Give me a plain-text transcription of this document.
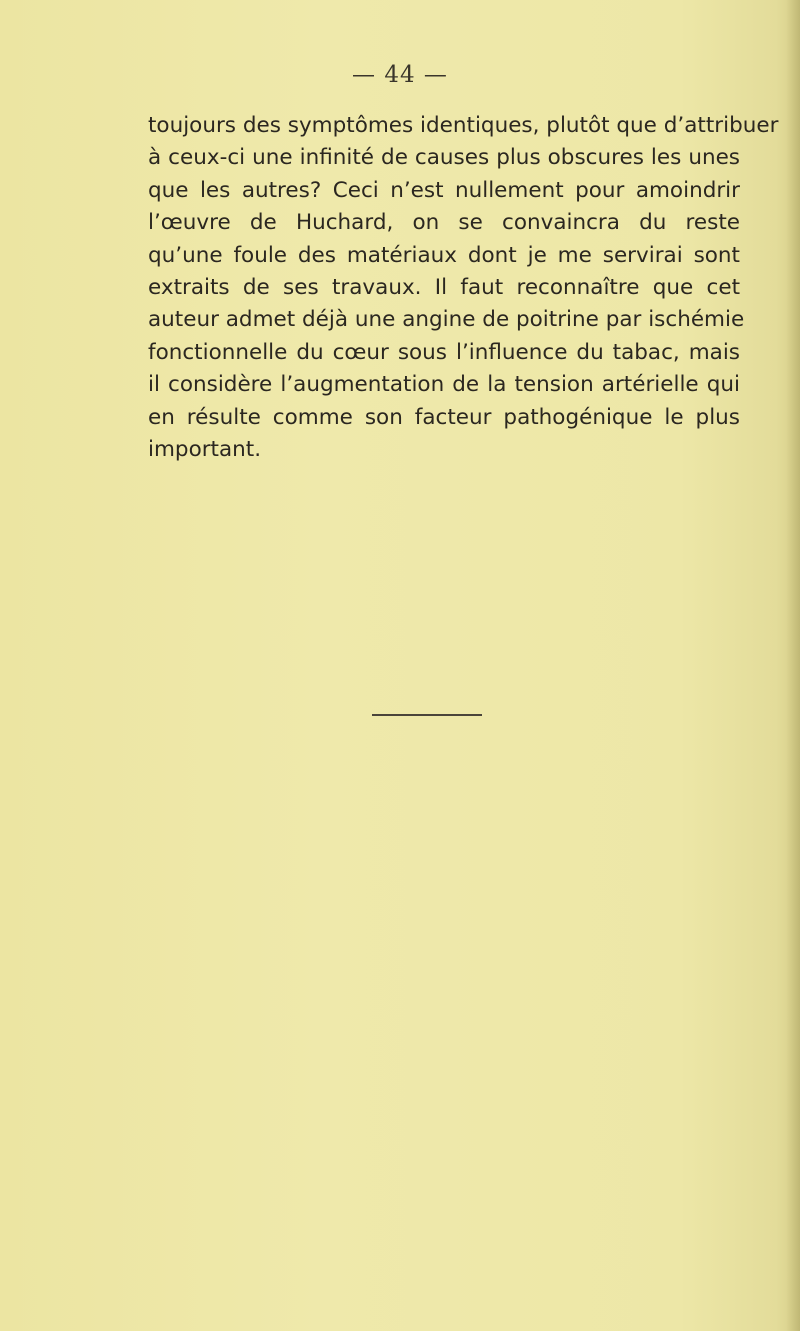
— 44 —
toujours des symptômes identiques, plutôt que d’attribuer
à ceux-ci une infinité de causes plus obscures les unes
que les autres? Ceci n’est nullement pour amoindrir
l’œuvre de Huchard, on se convaincra du reste
qu’une foule des matériaux dont je me servirai sont
extraits de ses travaux. Il faut reconnaître que cet
auteur admet déjà une angine de poitrine par ischémie
fonctionnelle du cœur sous l’influence du tabac, mais
il considère l’augmentation de la tension artérielle qui
en résulte comme son facteur pathogénique le plus
important.
